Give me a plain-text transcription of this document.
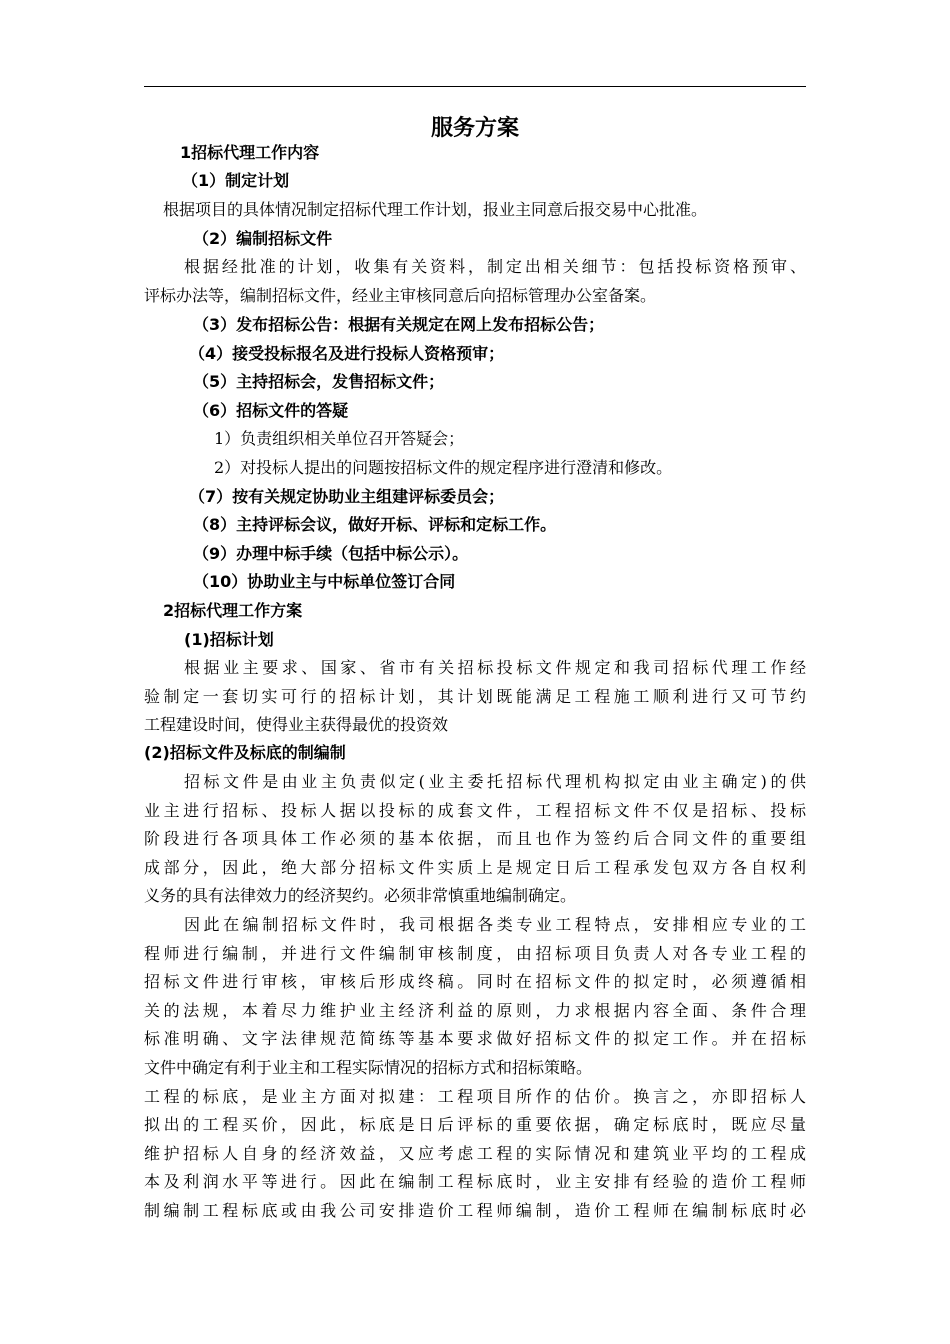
服务方案
1招标代理工作内容
（1）制定计划
根据项目的具体情况制定招标代理工作计划，报业主同意后报交易中心批准。
（2）编制招标文件
根据经批准的计划，收集有关资料，制定出相关细节：包括投标资格预审、
评标办法等，编制招标文件，经业主审核同意后向招标管理办公室备案。
（3）发布招标公告：根据有关规定在网上发布招标公告；
（4）接受投标报名及进行投标人资格预审；
（5）主持招标会，发售招标文件；
（6）招标文件的答疑
1）负责组织相关单位召开答疑会；
2）对投标人提出的问题按招标文件的规定程序进行澄清和修改。
（7）按有关规定协助业主组建评标委员会；
（8）主持评标会议，做好开标、评标和定标工作。
（9）办理中标手续（包括中标公示）。
（10）协助业主与中标单位签订合同
2招标代理工作方案
(1)招标计划
根据业主要求、国家、省市有关招标投标文件规定和我司招标代理工作经
验制定一套切实可行的招标计划，其计划既能满足工程施工顺利进行又可节约
工程建设时间，使得业主获得最优的投资效
(2)招标文件及标底的制编制
招标文件是由业主负责似定(业主委托招标代理机构拟定由业主确定)的供
业主进行招标、投标人据以投标的成套文件，工程招标文件不仅是招标、投标
阶段进行各项具体工作必须的基本依据，而且也作为签约后合同文件的重要组
成部分，因此，绝大部分招标文件实质上是规定日后工程承发包双方各自权利
义务的具有法律效力的经济契约。必须非常慎重地编制确定。
因此在编制招标文件时，我司根据各类专业工程特点，安排相应专业的工
程师进行编制，并进行文件编制审核制度，由招标项目负责人对各专业工程的
招标文件进行审核，审核后形成终稿。同时在招标文件的拟定时，必须遵循相
关的法规，本着尽力维护业主经济利益的原则，力求根据内容全面、条件合理
标准明确、文字法律规范简练等基本要求做好招标文件的拟定工作。并在招标
文件中确定有利于业主和工程实际情况的招标方式和招标策略。
工程的标底，是业主方面对拟建：工程项目所作的估价。换言之，亦即招标人
拟出的工程买价，因此，标底是日后评标的重要依据，确定标底时，既应尽量
维护招标人自身的经济效益，又应考虑工程的实际情况和建筑业平均的工程成
本及利润水平等进行。因此在编制工程标底时，业主安排有经验的造价工程师
制编制工程标底或由我公司安排造价工程师编制，造价工程师在编制标底时必
